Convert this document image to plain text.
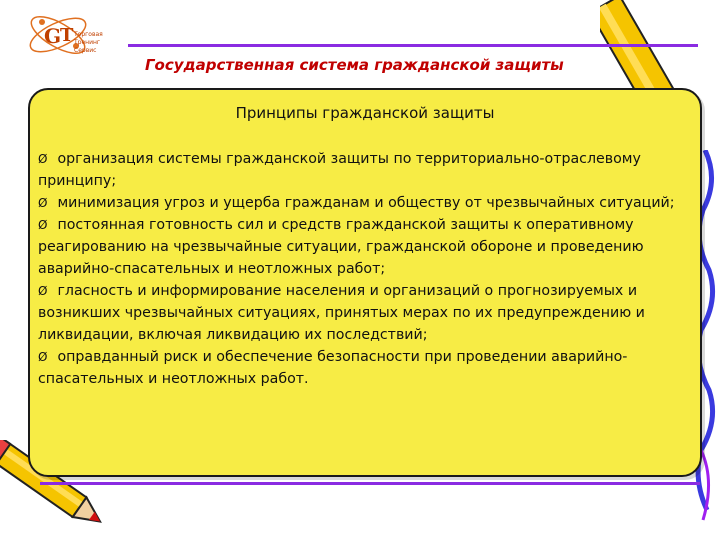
G
T Торговая
Тренинг
Сервис
Государственная система гражданской защиты
Принципы гражданской защиты
Ø организация системы гражданской защиты по территориально-отраслевому принципу;
Ø минимизация угроз и ущерба гражданам и обществу от чрезвычайных ситуаций;
Ø постоянная готовность сил и средств гражданской защиты к оперативному реагированию на чрезвычайные ситуации, гражданской обороне и проведению аварийно-спасательных и неотложных работ;
Ø гласность и информирование населения и организаций о прогнозируемых и возникших чрезвычайных ситуациях, принятых мерах по их предупреждению и ликвидации, включая ликвидацию их последствий;
Ø оправданный риск и обеспечение безопасности при проведении аварийно-спасательных и неотложных работ.
